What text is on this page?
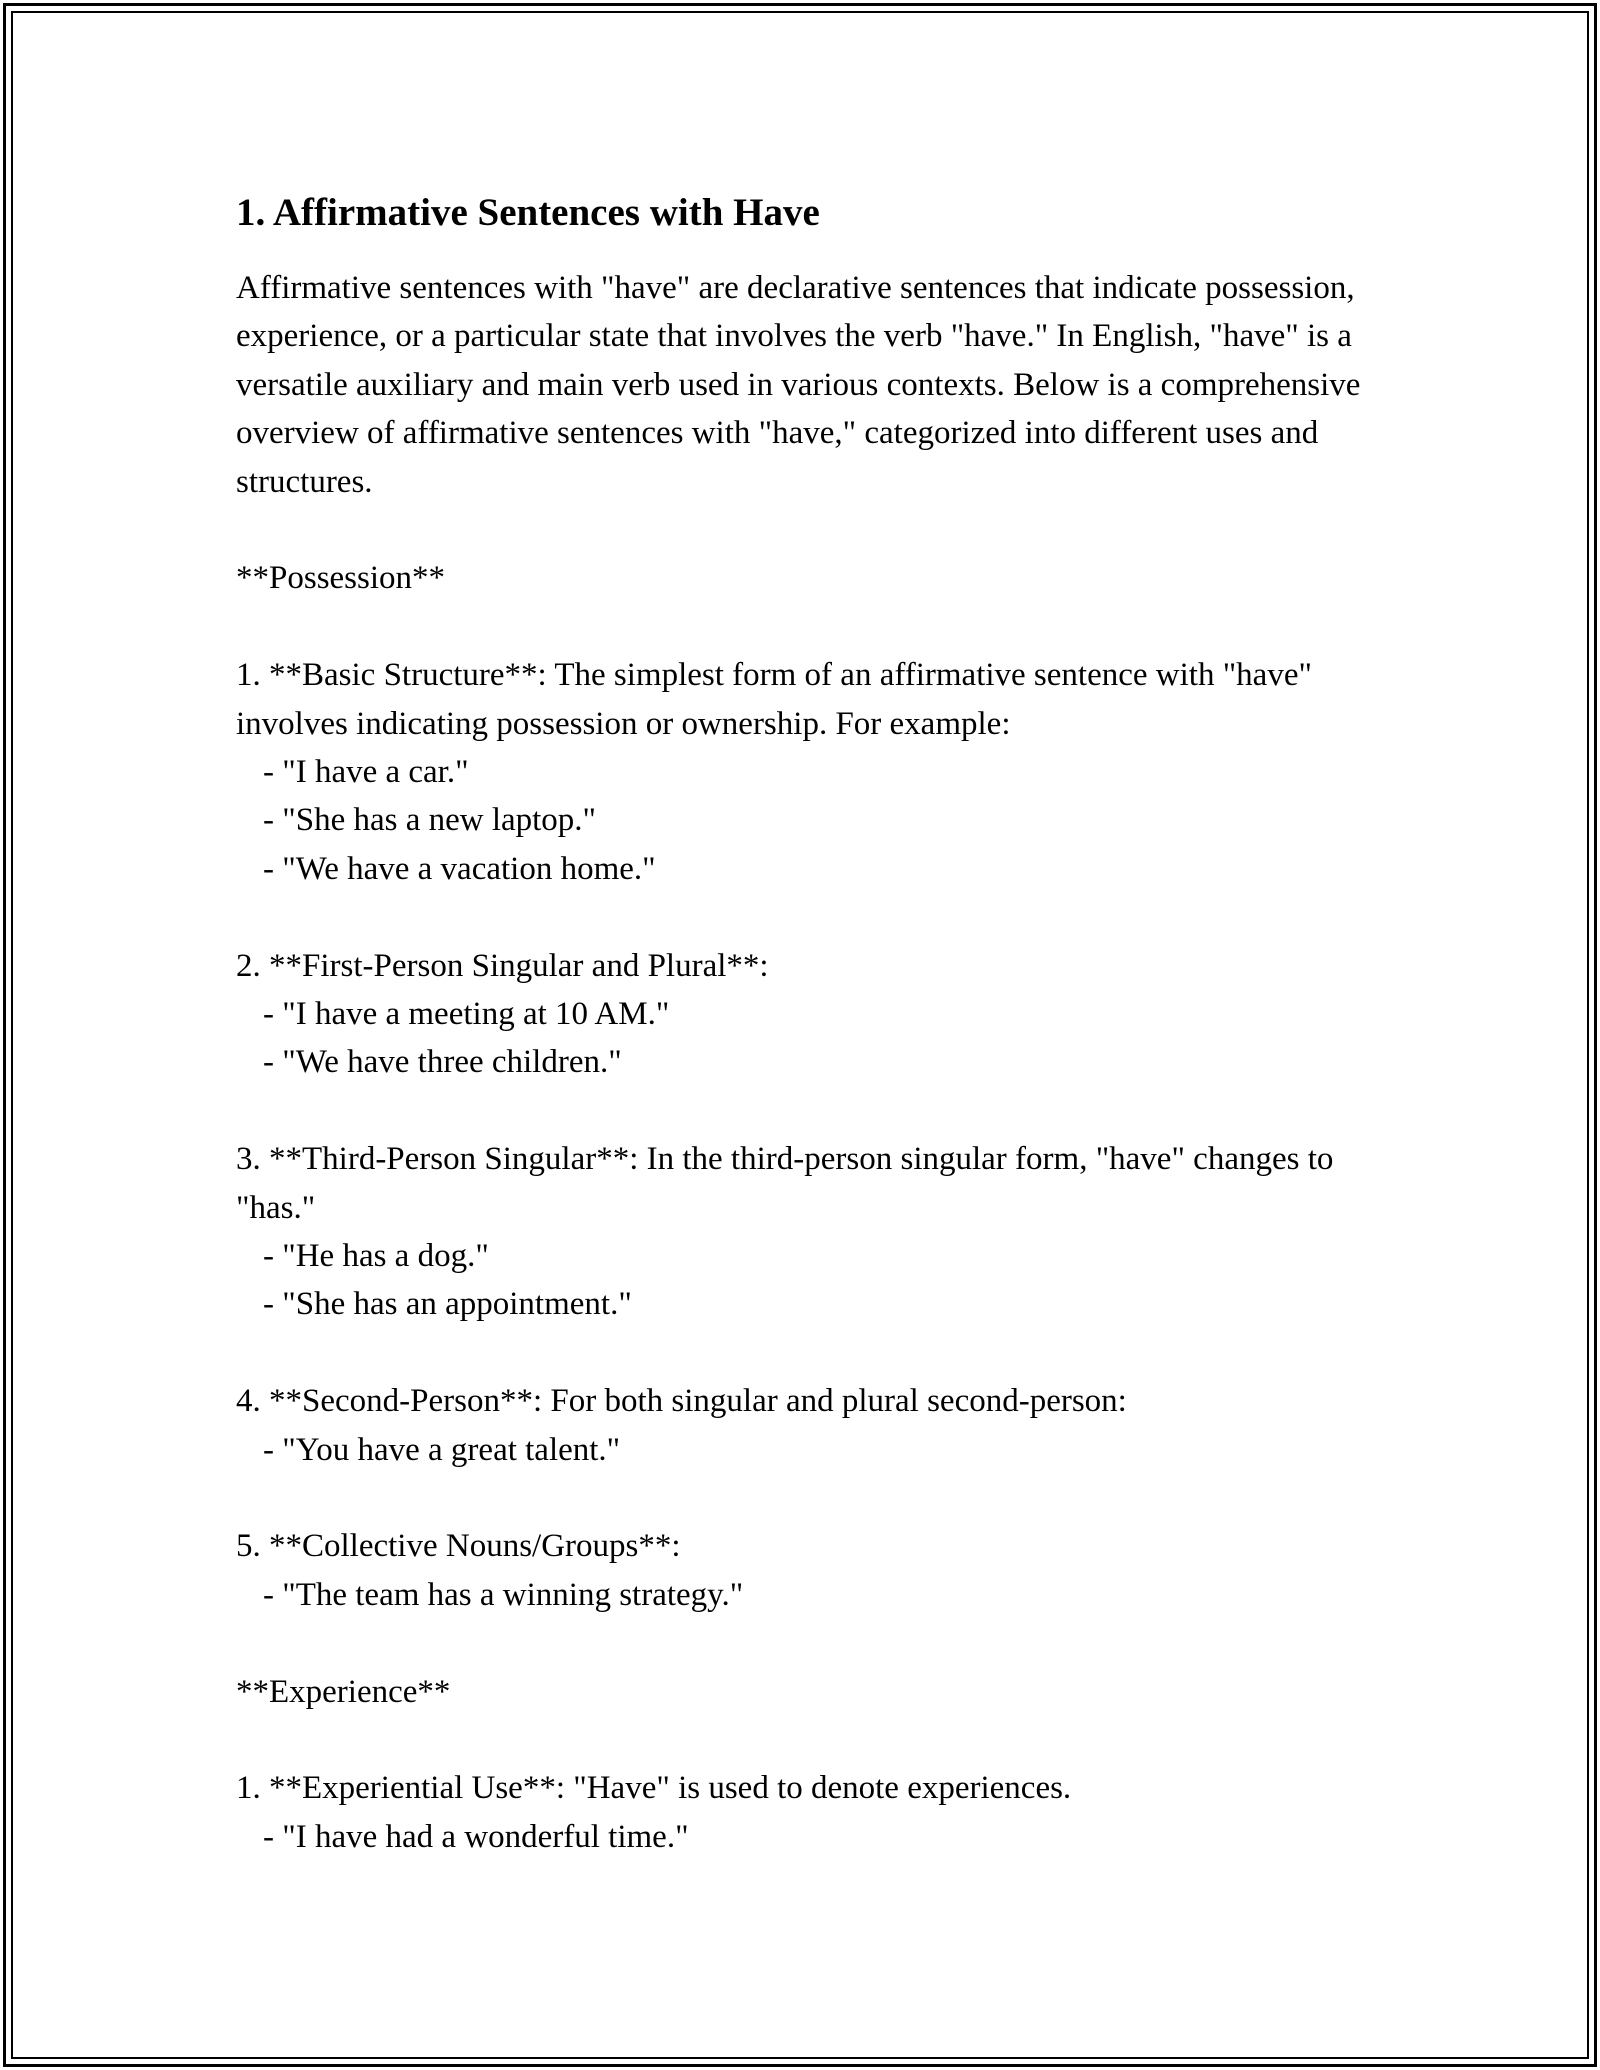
1. Affirmative Sentences with Have

Affirmative sentences with "have" are declarative sentences that indicate possession, experience, or a particular state that involves the verb "have." In English, "have" is a versatile auxiliary and main verb used in various contexts. Below is a comprehensive overview of affirmative sentences with "have," categorized into different uses and structures.

**Possession**

1. **Basic Structure**: The simplest form of an affirmative sentence with "have" involves indicating possession or ownership. For example:

- "I have a car."
- "She has a new laptop."
- "We have a vacation home."

2. **First-Person Singular and Plural**:

- "I have a meeting at 10 AM."
- "We have three children."

3. **Third-Person Singular**: In the third-person singular form, "have" changes to "has."

- "He has a dog."
- "She has an appointment."

4. **Second-Person**: For both singular and plural second-person:

- "You have a great talent."

5. **Collective Nouns/Groups**:

- "The team has a winning strategy."
**Experience**

1. **Experiential Use**: "Have" is used to denote experiences.

- "I have had a wonderful time."
